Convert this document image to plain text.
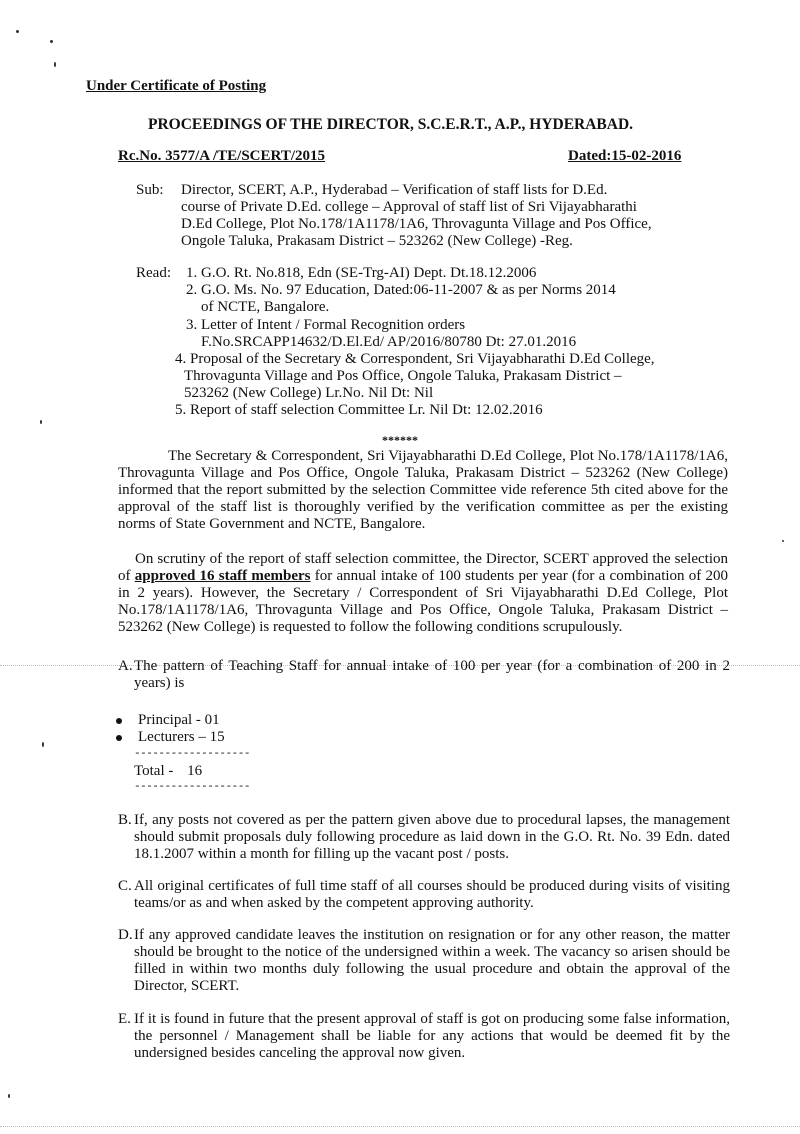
Under Certificate of Posting
PROCEEDINGS OF THE DIRECTOR, S.C.E.R.T., A.P., HYDERABAD.
Rc.No. 3577/A /TE/SCERT/2015	Dated:15-02-2016
Sub: Director, SCERT, A.P., Hyderabad – Verification of staff lists for D.Ed.
course of Private D.Ed. college – Approval of staff list of Sri Vijayabharathi
D.Ed College, Plot No.178/1A1178/1A6, Throvagunta Village and Pos Office,
Ongole Taluka, Prakasam District – 523262 (New College) -Reg.
Read: 1. G.O. Rt. No.818, Edn (SE-Trg-AI) Dept. Dt.18.12.2006
2. G.O. Ms. No. 97 Education, Dated:06-11-2007 & as per Norms 2014
of NCTE, Bangalore.
3. Letter of Intent / Formal Recognition orders
F.No.SRCAPP14632/D.El.Ed/ AP/2016/80780 Dt: 27.01.2016
4. Proposal of the Secretary & Correspondent, Sri Vijayabharathi D.Ed College,
Throvagunta Village and Pos Office, Ongole Taluka, Prakasam District –
523262 (New College) Lr.No. Nil Dt: Nil
5. Report of staff selection Committee Lr. Nil Dt: 12.02.2016
******

The Secretary & Correspondent, Sri Vijayabharathi D.Ed College, Plot No.178/1A1178/1A6, Throvagunta Village and Pos Office, Ongole Taluka, Prakasam District – 523262 (New College) informed that the report submitted by the selection Committee vide reference 5th cited above for the approval of the staff list is thoroughly verified by the verification committee as per the existing norms of State Government and NCTE, Bangalore.

On scrutiny of the report of staff selection committee, the Director, SCERT approved the selection of approved 16 staff members for annual intake of 100 students per year (for a combination of 200 in 2 years). However, the Secretary / Correspondent of Sri Vijayabharathi D.Ed College, Plot No.178/1A1178/1A6, Throvagunta Village and Pos Office, Ongole Taluka, Prakasam District – 523262 (New College) is requested to follow the following conditions scrupulously.

A. The pattern of Teaching Staff for annual intake of 100 per year (for a combination of 200 in 2 years) is
Principal - 01
Lecturers – 15
-------------------
Total - 16
-------------------
B. If, any posts not covered as per the pattern given above due to procedural lapses, the management should submit proposals duly following procedure as laid down in the G.O. Rt. No. 39 Edn. dated 18.1.2007 within a month for filling up the vacant post / posts.
C. All original certificates of full time staff of all courses should be produced during visits of visiting teams/or as and when asked by the competent approving authority.
D. If any approved candidate leaves the institution on resignation or for any other reason, the matter should be brought to the notice of the undersigned within a week. The vacancy so arisen should be filled in within two months duly following the usual procedure and obtain the approval of the Director, SCERT.
E. If it is found in future that the present approval of staff is got on producing some false information, the personnel / Management shall be liable for any actions that would be deemed fit by the undersigned besides canceling the approval now given.
